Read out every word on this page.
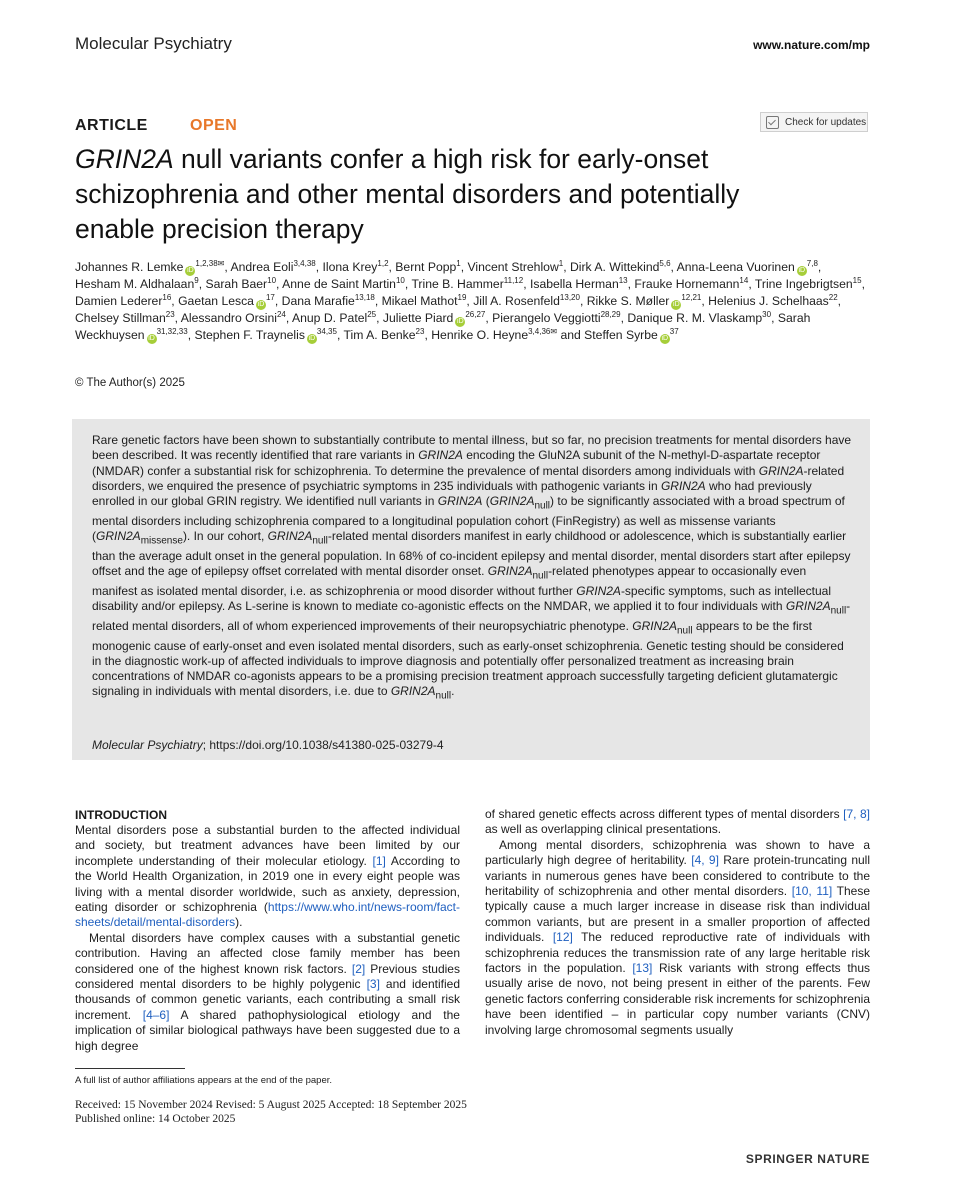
Molecular Psychiatry	www.nature.com/mp
ARTICLE	OPEN	Check for updates
GRIN2A null variants confer a high risk for early-onset schizophrenia and other mental disorders and potentially enable precision therapy
Johannes R. Lemke $iD^{1,2,38✉}$, Andrea Eoli$^{3,4,38}$, Ilona Krey$^{1,2}$, Bernt Popp$^1$, Vincent Strehlow$^1$, Dirk A. Wittekind$^{5,6}$, Anna-Leena Vuorinen iD$^{7,8}$, Hesham M. Aldhalaan$^9$, Sarah Baer$^{10}$, Anne de Saint Martin$^{10}$, Trine B. Hammer$^{11,12}$, Isabella Herman$^{13}$, Frauke Hornemann$^{14}$, Trine Ingebrigtsen$^{15}$, Damien Lederer$^{16}$, Gaetan Lesca $iD^{17}$, Dana Marafie$^{13,18}$, Mikael Mathot$^{19}$, Jill A. Rosenfeld$^{13,20}$, Rikke S. Møller iD$^{12,21}$, Helenius J. Schelhaas$^{22}$, Chelsey Stillman$^{23}$, Alessandro Orsini$^{24}$, Anup D. Patel$^{25}$, Juliette Piard iD$^{26,27}$, Pierangelo Veggiotti$^{28,29}$, Danique R. M. Vlaskamp$^{30}$, Sarah Weckhuysen iD$^{31,32,33}$, Stephen F. Traynelis iD$^{34,35}$, Tim A. Benke$^{23}$, Henrike O. Heyne$^{3,4,36✉}$ and Steffen Syrbe $iD^{37}$
© The Author(s) 2025
Rare genetic factors have been shown to substantially contribute to mental illness, but so far, no precision treatments for mental disorders have been described. It was recently identified that rare variants in GRIN2A encoding the GluN2A subunit of the N-methyl-D-aspartate receptor (NMDAR) confer a substantial risk for schizophrenia. To determine the prevalence of mental disorders among individuals with GRIN2A-related disorders, we enquired the presence of psychiatric symptoms in 235 individuals with pathogenic variants in GRIN2A who had previously enrolled in our global GRIN registry. We identified null variants in GRIN2A $(GRIN2A_{null})$ to be significantly associated with a broad spectrum of mental disorders including schizophrenia compared to a longitudinal population cohort (FinRegistry) as well as missense variants $(GRIN2A_{missense})$. In our cohort, $GRIN2A_{null}$-related mental disorders manifest in early childhood or adolescence, which is substantially earlier than the average adult onset in the general population. In 68% of co-incident epilepsy and mental disorder, mental disorders start after epilepsy offset and the age of epilepsy offset correlated with mental disorder onset. $GRIN2A_{null}$-related phenotypes appear to occasionally even manifest as isolated mental disorder, i.e. as schizophrenia or mood disorder without further GRIN2A-specific symptoms, such as intellectual disability and/or epilepsy. As L-serine is known to mediate co-agonistic effects on the NMDAR, we applied it to four individuals with $GRIN2A_{null}$-related mental disorders, all of whom experienced improvements of their neuropsychiatric phenotype. $GRIN2A_{null}$ appears to be the first monogenic cause of early-onset and even isolated mental disorders, such as early-onset schizophrenia. Genetic testing should be considered in the diagnostic work-up of affected individuals to improve diagnosis and potentially offer personalized treatment as increasing brain concentrations of NMDAR co-agonists appears to be a promising precision treatment approach successfully targeting deficient glutamatergic signaling in individuals with mental disorders, i.e. due to $GRIN2A_{null}$.
Molecular Psychiatry; https://doi.org/10.1038/s41380-025-03279-4
INTRODUCTION

Mental disorders pose a substantial burden to the affected individual and society, but treatment advances have been limited by our incomplete understanding of their molecular etiology. [1] According to the World Health Organization, in 2019 one in every eight people was living with a mental disorder worldwide, such as anxiety, depression, eating disorder or schizophrenia (https://www.who.int/news-room/fact-sheets/detail/mental-disorders).

Mental disorders have complex causes with a substantial genetic contribution. Having an affected close family member has been considered one of the highest known risk factors. [2] Previous studies considered mental disorders to be highly polygenic [3] and identified thousands of common genetic variants, each contributing a small risk increment. [4–6] A shared pathophysiological etiology and the implication of similar biological pathways have been suggested due to a high degree

of shared genetic effects across different types of mental disorders [7, 8] as well as overlapping clinical presentations.

Among mental disorders, schizophrenia was shown to have a particularly high degree of heritability. [4, 9] Rare protein-truncating null variants in numerous genes have been considered to contribute to the heritability of schizophrenia and other mental disorders. [10, 11] These typically cause a much larger increase in disease risk than individual common variants, but are present in a smaller proportion of affected individuals. [12] The reduced reproductive rate of individuals with schizophrenia reduces the transmission rate of any large heritable risk factors in the population. [13] Risk variants with strong effects thus usually arise de novo, not being present in either of the parents. Few genetic factors conferring considerable risk increments for schizophrenia have been identified – in particular copy number variants (CNV) involving large chromosomal segments usually

A full list of author affiliations appears at the end of the paper.
Received: 15 November 2024 Revised: 5 August 2025 Accepted: 18 September 2025
Published online: 14 October 2025
SPRINGER NATURE
